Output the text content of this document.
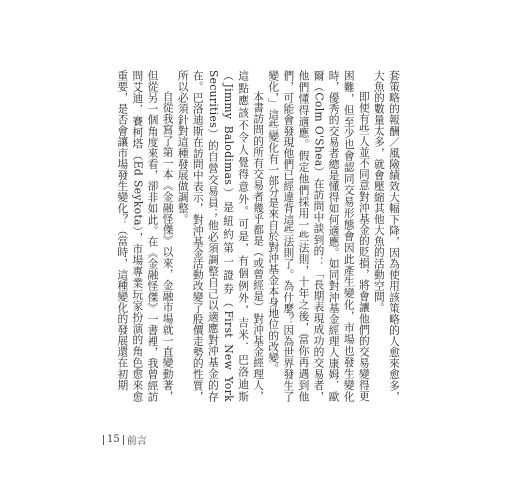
套策略的報酬／風險績效大幅下降，因為使用該策略的人愈來愈多，大魚的數量太多，就會壓縮其他大魚的活動空間。

即使有些人並不同意對沖基金的貶損，將會讓他們的交易變得更困難，但至少也會認同交易形態會因此產生變化，市場也發生變化時，優秀的交易者總是懂得如何適應。如同對沖基金經理人康姆．歐爾（Colm O'Shea）在訪問中談到的：「長期表現成功的交易者，他們懂得適應。假定他們採用一些法則，十年之後，當你再遇到他們，可能會發現他們已經違背這些法則了。為什麼？因為世界發生了變化，」這些變化有一部分是來自於對沖基金本身地位的改變。

本書訪問的所有交易者幾乎都是（或曾經是）對沖基金經理人，這點應該不令人覺得意外。可是，有個例外，吉米．巴洛迪斯（Jimmy Balodimas）是紐約第一證券（First New York Securities）的自營交易員；他必須調整自己以適應對沖基金的存在。巴洛迪斯在訪問中表示，對沖基金活動改變了股價走勢的性質，所以必須針對這種發展做調整。

自從我寫了第一本《金融怪傑》以來，金融市場就一直變動著，但從另一個角度來看，卻非如此。在《金融怪傑》一書裡，我曾經訪問艾迪．賽柯塔（Ed Seykota），市場專業玩家扮演的角色愈來愈重要，是否會讓市場發生變化？（當時，這種變化的發展還在初期

15 前言
